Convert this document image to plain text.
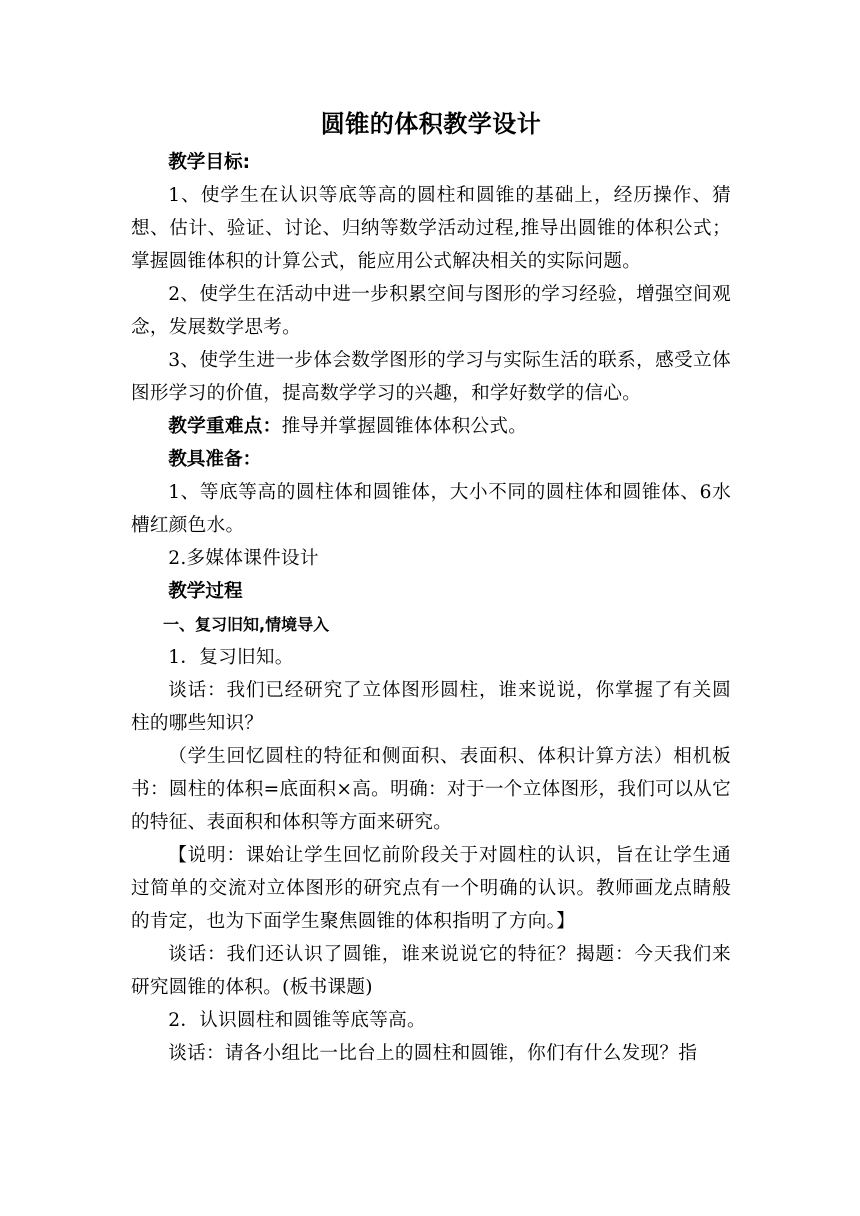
圆锥的体积教学设计

教学目标:

1、使学生在认识等底等高的圆柱和圆锥的基础上，经历操作、猜想、估计、验证、讨论、归纳等数学活动过程,推导出圆锥的体积公式；掌握圆锥体积的计算公式，能应用公式解决相关的实际问题。

2、使学生在活动中进一步积累空间与图形的学习经验，增强空间观念，发展数学思考。

3、使学生进一步体会数学图形的学习与实际生活的联系，感受立体图形学习的价值，提高数学学习的兴趣，和学好数学的信心。

教学重难点：推导并掌握圆锥体体积公式。

教具准备：

1、等底等高的圆柱体和圆锥体，大小不同的圆柱体和圆锥体、6水槽红颜色水。

2.多媒体课件设计

教学过程

一、复习旧知,情境导入

1．复习旧知。

谈话：我们已经研究了立体图形圆柱，谁来说说，你掌握了有关圆柱的哪些知识？

（学生回忆圆柱的特征和侧面积、表面积、体积计算方法）相机板书：圆柱的体积=底面积×高。明确：对于一个立体图形，我们可以从它的特征、表面积和体积等方面来研究。

【说明：课始让学生回忆前阶段关于对圆柱的认识，旨在让学生通过简单的交流对立体图形的研究点有一个明确的认识。教师画龙点睛般的肯定，也为下面学生聚焦圆锥的体积指明了方向。】

谈话：我们还认识了圆锥，谁来说说它的特征？揭题：今天我们来研究圆锥的体积。(板书课题)

2．认识圆柱和圆锥等底等高。

谈话：请各小组比一比台上的圆柱和圆锥，你们有什么发现？指
